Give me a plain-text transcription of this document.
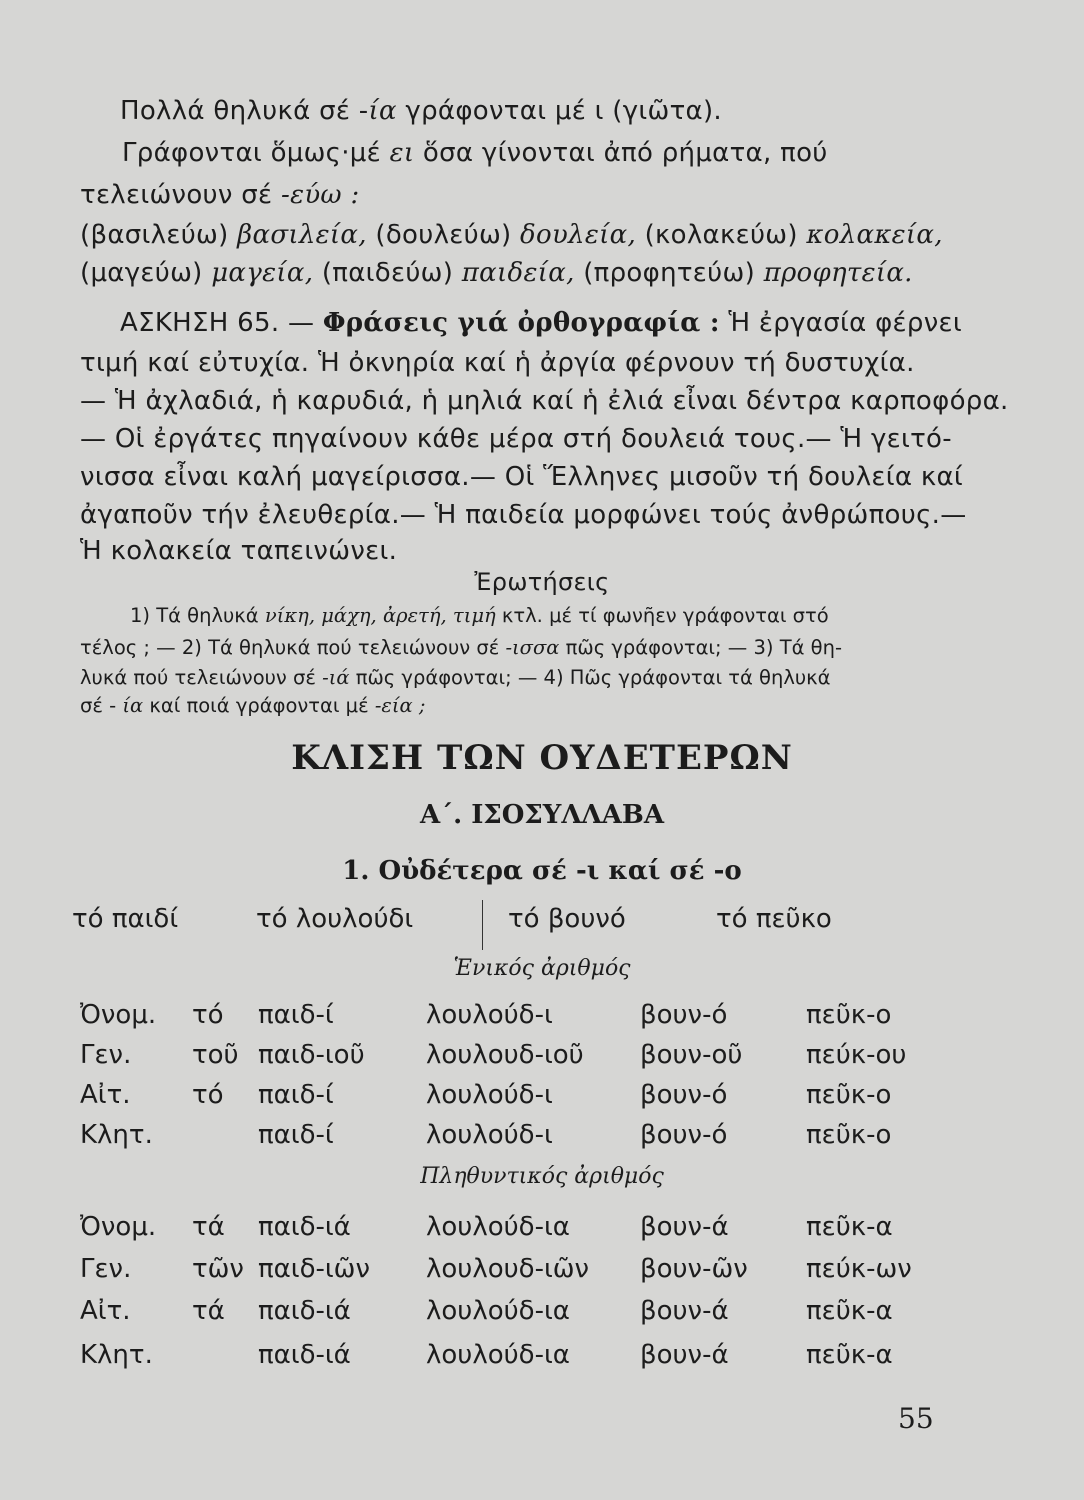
Πολλά θηλυκά σέ -ία γράφονται μέ ι (γιῶτα).
Γράφονται ὅμως·μέ ει ὅσα γίνονται ἀπό ρήματα, πού
τελειώνουν σέ -εύω :
(βασιλεύω) βασιλεία, (δουλεύω) δουλεία, (κολακεύω) κολακεία,
(μαγεύω) μαγεία, (παιδεύω) παιδεία, (προφητεύω) προφητεία.
ΑΣΚΗΣΗ 65. — Φράσεις γιά ὀρθογραφία : Ἡ ἐργασία φέρνει
τιμή καί εὐτυχία. Ἡ ὀκνηρία καί ἡ ἀργία φέρνουν τή δυστυχία.
— Ἡ ἀχλαδιά, ἡ καρυδιά, ἡ μηλιά καί ἡ ἐλιά εἶναι δέντρα καρποφόρα.
— Οἱ ἐργάτες πηγαίνουν κάθε μέρα στή δουλειά τους.— Ἡ γειτό-
νισσα εἶναι καλή μαγείρισσα.— Οἱ Ἕλληνες μισοῦν τή δουλεία καί
ἀγαποῦν τήν ἐλευθερία.— Ἡ παιδεία μορφώνει τούς ἀνθρώπους.—
Ἡ κολακεία ταπεινώνει.
Ἐρωτήσεις
1) Τά θηλυκά νίκη, μάχη, ἀρετή, τιμή κτλ. μέ τί φωνῆεν γράφονται στό
τέλος ; — 2) Τά θηλυκά πού τελειώνουν σέ -ισσα πῶς γράφονται; — 3) Τά θη-
λυκά πού τελειώνουν σέ -ιά πῶς γράφονται; — 4) Πῶς γράφονται τά θηλυκά
σέ - ία καί ποιά γράφονται μέ -εία ;
ΚΛΙΣΗ ΤΩΝ ΟΥΔΕΤΕΡΩΝ
Α΄. ΙΣΟΣΥΛΛΑΒΑ
1. Οὐδέτερα σέ -ι καί σέ -ο
τό παιδί	τό λουλούδι	τό βουνό	τό πεῦκο
Ἑνικός ἀριθμός
Ὀνομ. τό παιδ-ί	λουλούδ-ι	βουν-ό	πεῦκ-ο
Γεν. τοῦ παιδ-ιοῦ λουλουδ-ιοῦ βουν-οῦ πεύκ-ου
Αἰτ. τό παιδ-ί	λουλούδ-ι	βουν-ό	πεῦκ-ο
Κλητ.	παιδ-ί	λουλούδ-ι	βουν-ό	πεῦκ-ο
Πληθυντικός ἀριθμός
Ὀνομ. τά παιδ-ιά	λουλούδ-ια	βουν-ά	πεῦκ-α
Γεν. τῶν παιδ-ιῶν λουλουδ-ιῶν βουν-ῶν πεύκ-ων
Αἰτ. τά παιδ-ιά	λουλούδ-ια	βουν-ά	πεῦκ-α
Κλητ.	παιδ-ιά	λουλούδ-ια	βουν-ά	πεῦκ-α
55
